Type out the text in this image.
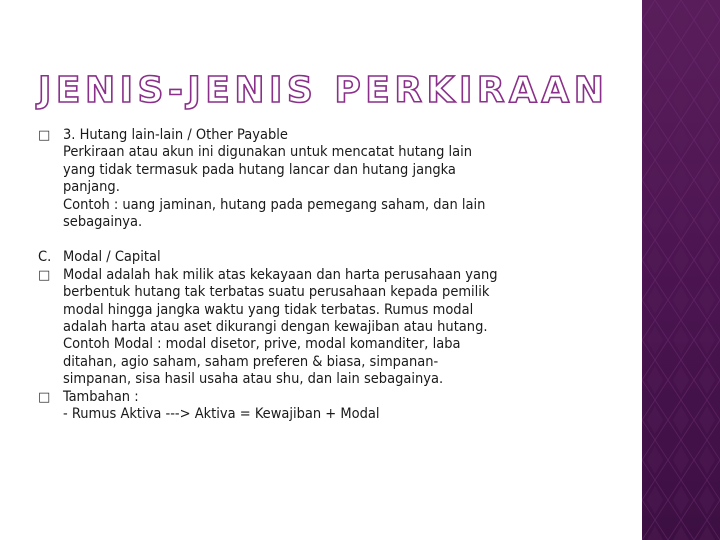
JENIS-JENIS PERKIRAAN
□ 3. Hutang lain-lain / Other Payable
Perkiraan atau akun ini digunakan untuk mencatat hutang lain
yang tidak termasuk pada hutang lancar dan hutang jangka
panjang.
Contoh : uang jaminan, hutang pada pemegang saham, dan lain
sebagainya.
C. Modal / Capital
□ Modal adalah hak milik atas kekayaan dan harta perusahaan yang
berbentuk hutang tak terbatas suatu perusahaan kepada pemilik
modal hingga jangka waktu yang tidak terbatas. Rumus modal
adalah harta atau aset dikurangi dengan kewajiban atau hutang.
Contoh Modal : modal disetor, prive, modal komanditer, laba
ditahan, agio saham, saham preferen & biasa, simpanan-
simpanan, sisa hasil usaha atau shu, dan lain sebagainya.
□ Tambahan :
- Rumus Aktiva ---> Aktiva = Kewajiban + Modal
